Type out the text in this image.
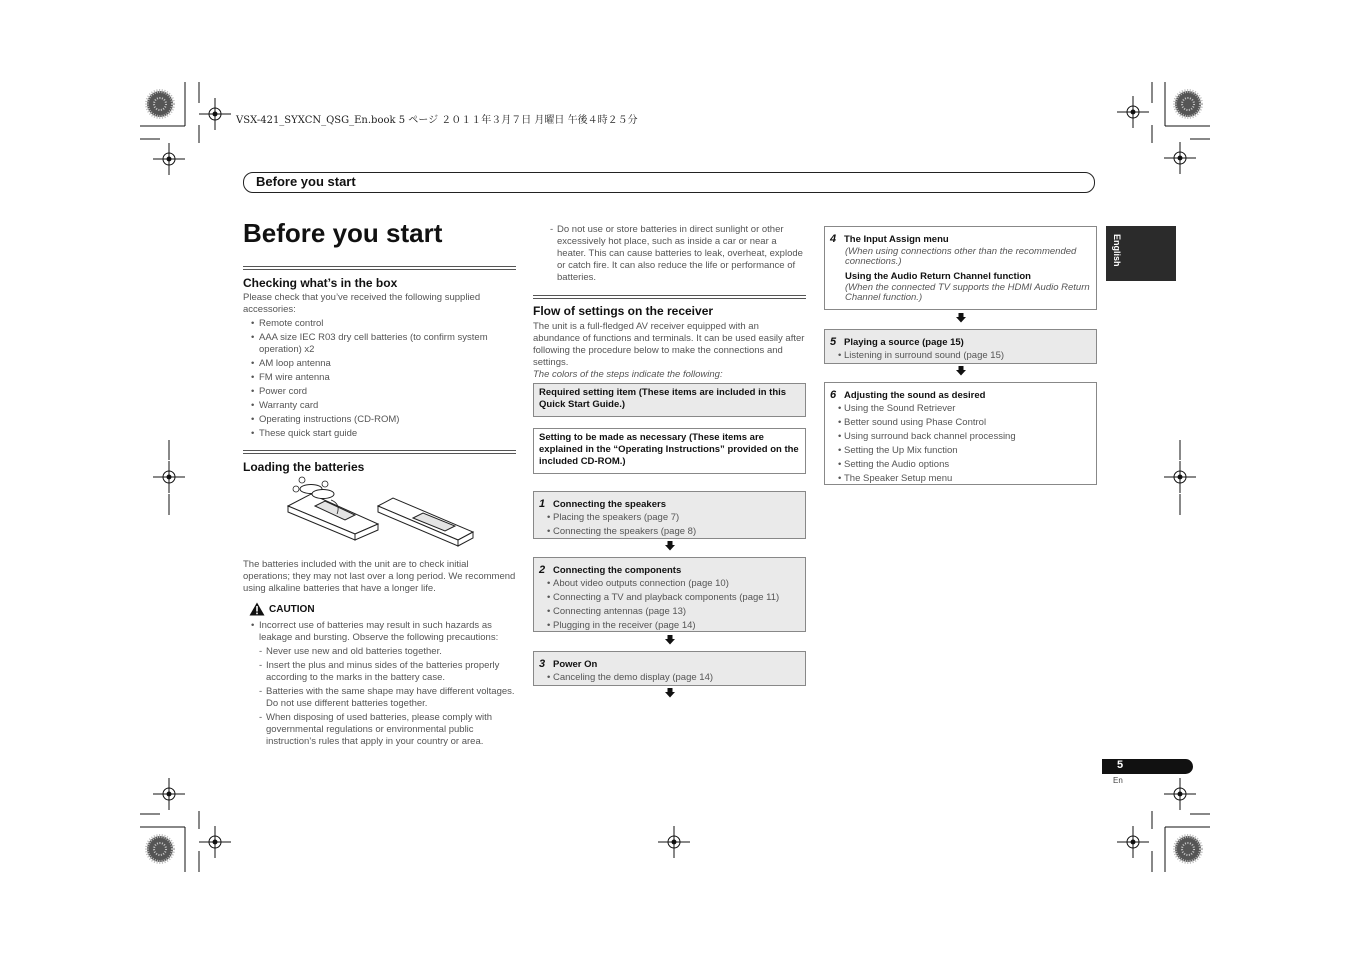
VSX-421_SYXCN_QSG_En.book 5 ページ ２０１１年３月７日 月曜日 午後４時２５分
Before you start
English
Before you start
Checking what’s in the box
Please check that you’ve received the following supplied accessories:
• Remote control
• AAA size IEC R03 dry cell batteries (to confirm system operation) x2
• AM loop antenna
• FM wire antenna
• Power cord
• Warranty card
• Operating instructions (CD-ROM)
• These quick start guide
Loading the batteries
The batteries included with the unit are to check initial operations; they may not last over a long period. We recommend using alkaline batteries that have a longer life.
CAUTION
• Incorrect use of batteries may result in such hazards as leakage and bursting. Observe the following precautions:
- Never use new and old batteries together.
- Insert the plus and minus sides of the batteries properly according to the marks in the battery case.
- Batteries with the same shape may have different voltages. Do not use different batteries together.
- When disposing of used batteries, please comply with governmental regulations or environmental public instruction’s rules that apply in your country or area.
- Do not use or store batteries in direct sunlight or other excessively hot place, such as inside a car or near a heater. This can cause batteries to leak, overheat, explode or catch fire. It can also reduce the life or performance of batteries.
Flow of settings on the receiver
The unit is a full-fledged AV receiver equipped with an abundance of functions and terminals. It can be used easily after following the procedure below to make the connections and settings.
The colors of the steps indicate the following:
Required setting item (These items are included in this Quick Start Guide.)
Setting to be made as necessary (These items are explained in the “Operating Instructions” provided on the included CD-ROM.)
1 Connecting the speakers
• Placing the speakers (page 7)
• Connecting the speakers (page 8)
2 Connecting the components
• About video outputs connection (page 10)
• Connecting a TV and playback components (page 11)
• Connecting antennas (page 13)
• Plugging in the receiver (page 14)
3 Power On
• Canceling the demo display (page 14)
4 The Input Assign menu
(When using connections other than the recommended connections.)
Using the Audio Return Channel function
(When the connected TV supports the HDMI Audio Return Channel function.)
5 Playing a source (page 15)
• Listening in surround sound (page 15)
6 Adjusting the sound as desired
• Using the Sound Retriever
• Better sound using Phase Control
• Using surround back channel processing
• Setting the Up Mix function
• Setting the Audio options
• The Speaker Setup menu
5
En
